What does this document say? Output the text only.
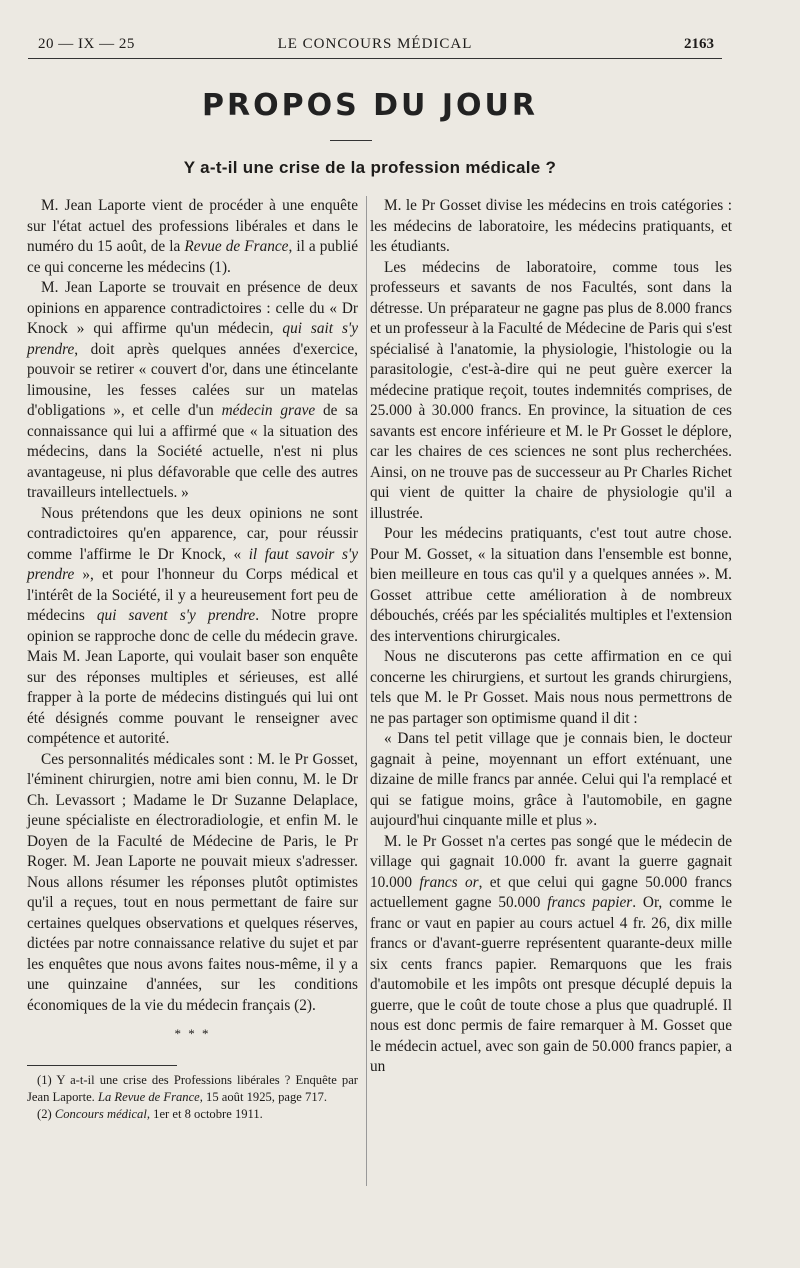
20 — IX — 25	LE CONCOURS MÉDICAL	2163
PROPOS DU JOUR
Y a-t-il une crise de la profession médicale ?

M. Jean Laporte vient de procéder à une enquête sur l'état actuel des professions libérales et dans le numéro du 15 août, de la Revue de France, il a publié ce qui concerne les médecins (1).

M. Jean Laporte se trouvait en présence de deux opinions en apparence contradictoires : celle du « Dr Knock » qui affirme qu'un médecin, qui sait s'y prendre, doit après quelques années d'exercice, pouvoir se retirer « couvert d'or, dans une étincelante limousine, les fesses calées sur un matelas d'obligations », et celle d'un médecin grave de sa connaissance qui lui a affirmé que « la situation des médecins, dans la Société actuelle, n'est ni plus avantageuse, ni plus défavorable que celle des autres travailleurs intellectuels. »

Nous prétendons que les deux opinions ne sont contradictoires qu'en apparence, car, pour réussir comme l'affirme le Dr Knock, « il faut savoir s'y prendre », et pour l'honneur du Corps médical et l'intérêt de la Société, il y a heureusement fort peu de médecins qui savent s'y prendre. Notre propre opinion se rapproche donc de celle du médecin grave. Mais M. Jean Laporte, qui voulait baser son enquête sur des réponses multiples et sérieuses, est allé frapper à la porte de médecins distingués qui lui ont été désignés comme pouvant le renseigner avec compétence et autorité.

Ces personnalités médicales sont : M. le Pr Gosset, l'éminent chirurgien, notre ami bien connu, M. le Dr Ch. Levassort ; Madame le Dr Suzanne Delaplace, jeune spécialiste en électroradiologie, et enfin M. le Doyen de la Faculté de Médecine de Paris, le Pr Roger. M. Jean Laporte ne pouvait mieux s'adresser. Nous allons résumer les réponses plutôt optimistes qu'il a reçues, tout en nous permettant de faire sur certaines quelques observations et quelques réserves, dictées par notre connaissance relative du sujet et par les enquêtes que nous avons faites nous-même, il y a une quinzaine d'années, sur les conditions économiques de la vie du médecin français (2).

* * *

(1) Y a-t-il une crise des Professions libérales ? Enquête par Jean Laporte. La Revue de France, 15 août 1925, page 717.

(2) Concours médical, 1er et 8 octobre 1911.

M. le Pr Gosset divise les médecins en trois catégories : les médecins de laboratoire, les médecins pratiquants, et les étudiants.

Les médecins de laboratoire, comme tous les professeurs et savants de nos Facultés, sont dans la détresse. Un préparateur ne gagne pas plus de 8.000 francs et un professeur à la Faculté de Médecine de Paris qui s'est spécialisé à l'anatomie, la physiologie, l'histologie ou la parasitologie, c'est-à-dire qui ne peut guère exercer la médecine pratique reçoit, toutes indemnités comprises, de 25.000 à 30.000 francs. En province, la situation de ces savants est encore inférieure et M. le Pr Gosset le déplore, car les chaires de ces sciences ne sont plus recherchées. Ainsi, on ne trouve pas de successeur au Pr Charles Richet qui vient de quitter la chaire de physiologie qu'il a illustrée.

Pour les médecins pratiquants, c'est tout autre chose. Pour M. Gosset, « la situation dans l'ensemble est bonne, bien meilleure en tous cas qu'il y a quelques années ». M. Gosset attribue cette amélioration à de nombreux débouchés, créés par les spécialités multiples et l'extension des interventions chirurgicales.

Nous ne discuterons pas cette affirmation en ce qui concerne les chirurgiens, et surtout les grands chirurgiens, tels que M. le Pr Gosset. Mais nous nous permettrons de ne pas partager son optimisme quand il dit :

« Dans tel petit village que je connais bien, le docteur gagnait à peine, moyennant un effort exténuant, une dizaine de mille francs par année. Celui qui l'a remplacé et qui se fatigue moins, grâce à l'automobile, en gagne aujourd'hui cinquante mille et plus ».

M. le Pr Gosset n'a certes pas songé que le médecin de village qui gagnait 10.000 fr. avant la guerre gagnait 10.000 francs or, et que celui qui gagne 50.000 francs actuellement gagne 50.000 francs papier. Or, comme le franc or vaut en papier au cours actuel 4 fr. 26, dix mille francs or d'avant-guerre représentent quarante-deux mille six cents francs papier. Remarquons que les frais d'automobile et les impôts ont presque décuplé depuis la guerre, que le coût de toute chose a plus que quadruplé. Il nous est donc permis de faire remarquer à M. Gosset que le médecin actuel, avec son gain de 50.000 francs papier, a un
